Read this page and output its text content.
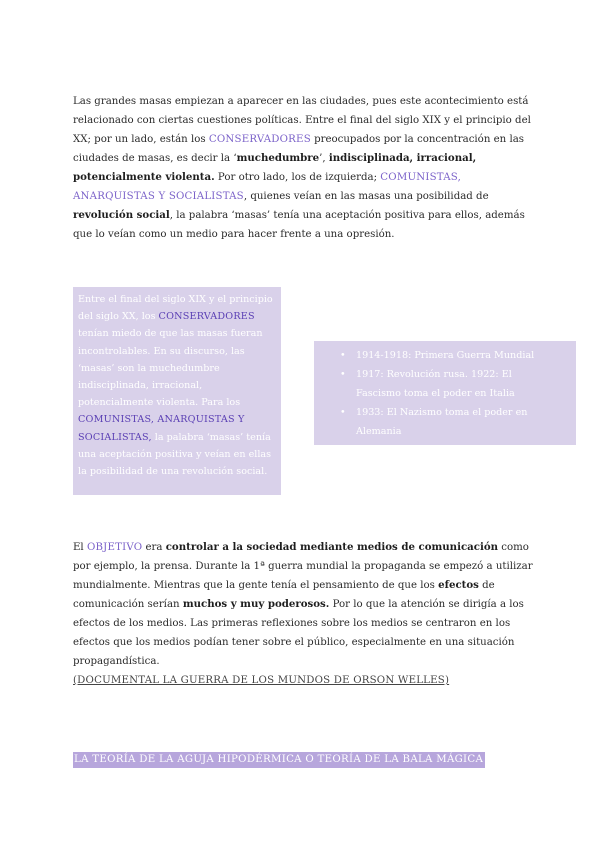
Las grandes masas empiezan a aparecer en las ciudades, pues este acontecimiento está relacionado con ciertas cuestiones políticas. Entre el final del siglo XIX y el principio del XX; por un lado, están los CONSERVADORES preocupados por la concentración en las ciudades de masas, es decir la ‘muchedumbre’, indisciplinada, irracional, potencialmente violenta. Por otro lado, los de izquierda; COMUNISTAS, ANARQUISTAS Y SOCIALISTAS, quienes veían en las masas una posibilidad de revolución social, la palabra ‘masas’ tenía una aceptación positiva para ellos, además que lo veían como un medio para hacer frente a una opresión.

Entre el final del siglo XIX y el principio del siglo XX, los CONSERVADORES tenían miedo de que las masas fueran incontrolables. En su discurso, las ‘masas’ son la muchedumbre indisciplinada, irracional, potencialmente violenta. Para los COMUNISTAS, ANARQUISTAS Y SOCIALISTAS, la palabra ‘masas’ tenía una aceptación positiva y veían en ellas la posibilidad de una revolución social.
• 1914-1918: Primera Guerra Mundial
• 1917: Revolución rusa. 1922: El Fascismo toma el poder en Italia
• 1933: El Nazismo toma el poder en Alemania

El OBJETIVO era controlar a la sociedad mediante medios de comunicación como por ejemplo, la prensa. Durante la 1ª guerra mundial la propaganda se empezó a utilizar mundialmente. Mientras que la gente tenía el pensamiento de que los efectos de comunicación serían muchos y muy poderosos. Por lo que la atención se dirigía a los efectos de los medios. Las primeras reflexiones sobre los medios se centraron en los efectos que los medios podían tener sobre el público, especialmente en una situación propagandística.

(DOCUMENTAL LA GUERRA DE LOS MUNDOS DE ORSON WELLES)
LA TEORÍA DE LA AGUJA HIPODÉRMICA O TEORÍA DE LA BALA MÁGICA
